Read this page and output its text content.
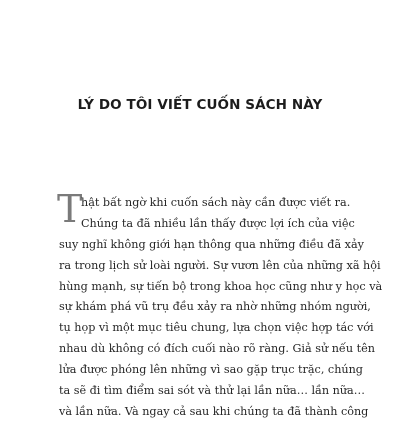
LÝ DO TÔI VIẾT CUỐN SÁCH NÀY
T

hật bất ngờ khi cuốn sách này cần được viết ra.
Chúng ta đã nhiều lần thấy được lợi ích của việc
suy nghĩ không giới hạn thông qua những điều đã xảy
ra trong lịch sử loài người. Sự vươn lên của những xã hội
hùng mạnh, sự tiến bộ trong khoa học cũng như y học và
sự khám phá vũ trụ đều xảy ra nhờ những nhóm người,
tụ họp vì một mục tiêu chung, lựa chọn việc hợp tác với
nhau dù không có đích cuối nào rõ ràng. Giả sử nếu tên
lửa được phóng lên những vì sao gặp trục trặc, chúng
ta sẽ đi tìm điểm sai sót và thử lại lần nữa… lần nữa…
và lần nữa. Và ngay cả sau khi chúng ta đã thành công
